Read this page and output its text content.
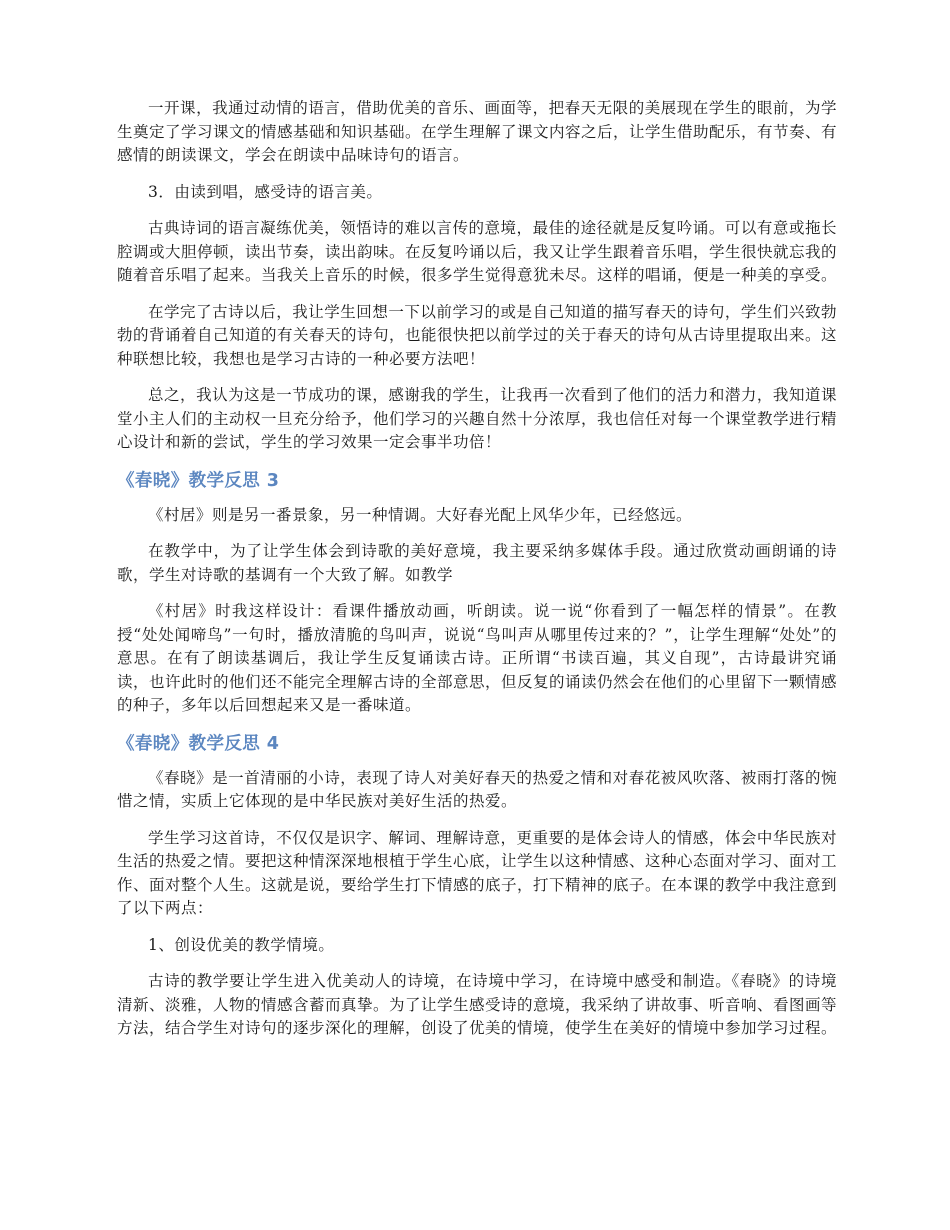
一开课，我通过动情的语言，借助优美的音乐、画面等，把春天无限的美展现在学生的眼前，为学生奠定了学习课文的情感基础和知识基础。在学生理解了课文内容之后，让学生借助配乐，有节奏、有感情的朗读课文，学会在朗读中品味诗句的语言。

3．由读到唱，感受诗的语言美。

古典诗词的语言凝练优美，领悟诗的难以言传的意境，最佳的途径就是反复吟诵。可以有意或拖长腔调或大胆停顿，读出节奏，读出韵味。在反复吟诵以后，我又让学生跟着音乐唱，学生很快就忘我的随着音乐唱了起来。当我关上音乐的时候，很多学生觉得意犹未尽。这样的唱诵，便是一种美的享受。

在学完了古诗以后，我让学生回想一下以前学习的或是自己知道的描写春天的诗句，学生们兴致勃勃的背诵着自己知道的有关春天的诗句，也能很快把以前学过的关于春天的诗句从古诗里提取出来。这种联想比较，我想也是学习古诗的一种必要方法吧！

总之，我认为这是一节成功的课，感谢我的学生，让我再一次看到了他们的活力和潜力，我知道课堂小主人们的主动权一旦充分给予，他们学习的兴趣自然十分浓厚，我也信任对每一个课堂教学进行精心设计和新的尝试，学生的学习效果一定会事半功倍！

《春晓》教学反思 3

《村居》则是另一番景象，另一种情调。大好春光配上风华少年，已经悠远。

在教学中，为了让学生体会到诗歌的美好意境，我主要采纳多媒体手段。通过欣赏动画朗诵的诗歌，学生对诗歌的基调有一个大致了解。如教学

《村居》时我这样设计：看课件播放动画，听朗读。说一说“你看到了一幅怎样的情景”。在教授“处处闻啼鸟”一句时，播放清脆的鸟叫声，说说“鸟叫声从哪里传过来的？”，让学生理解“处处”的意思。在有了朗读基调后，我让学生反复诵读古诗。正所谓“书读百遍，其义自现”，古诗最讲究诵读，也许此时的他们还不能完全理解古诗的全部意思，但反复的诵读仍然会在他们的心里留下一颗情感的种子，多年以后回想起来又是一番味道。

《春晓》教学反思 4

《春晓》是一首清丽的小诗，表现了诗人对美好春天的热爱之情和对春花被风吹落、被雨打落的惋惜之情，实质上它体现的是中华民族对美好生活的热爱。

学生学习这首诗，不仅仅是识字、解词、理解诗意，更重要的是体会诗人的情感，体会中华民族对生活的热爱之情。要把这种情深深地根植于学生心底，让学生以这种情感、这种心态面对学习、面对工作、面对整个人生。这就是说，要给学生打下情感的底子，打下精神的底子。在本课的教学中我注意到了以下两点：

1、创设优美的教学情境。

古诗的教学要让学生进入优美动人的诗境，在诗境中学习，在诗境中感受和制造。《春晓》的诗境清新、淡雅，人物的情感含蓄而真挚。为了让学生感受诗的意境，我采纳了讲故事、听音响、看图画等方法，结合学生对诗句的逐步深化的理解，创设了优美的情境，使学生在美好的情境中参加学习过程。
